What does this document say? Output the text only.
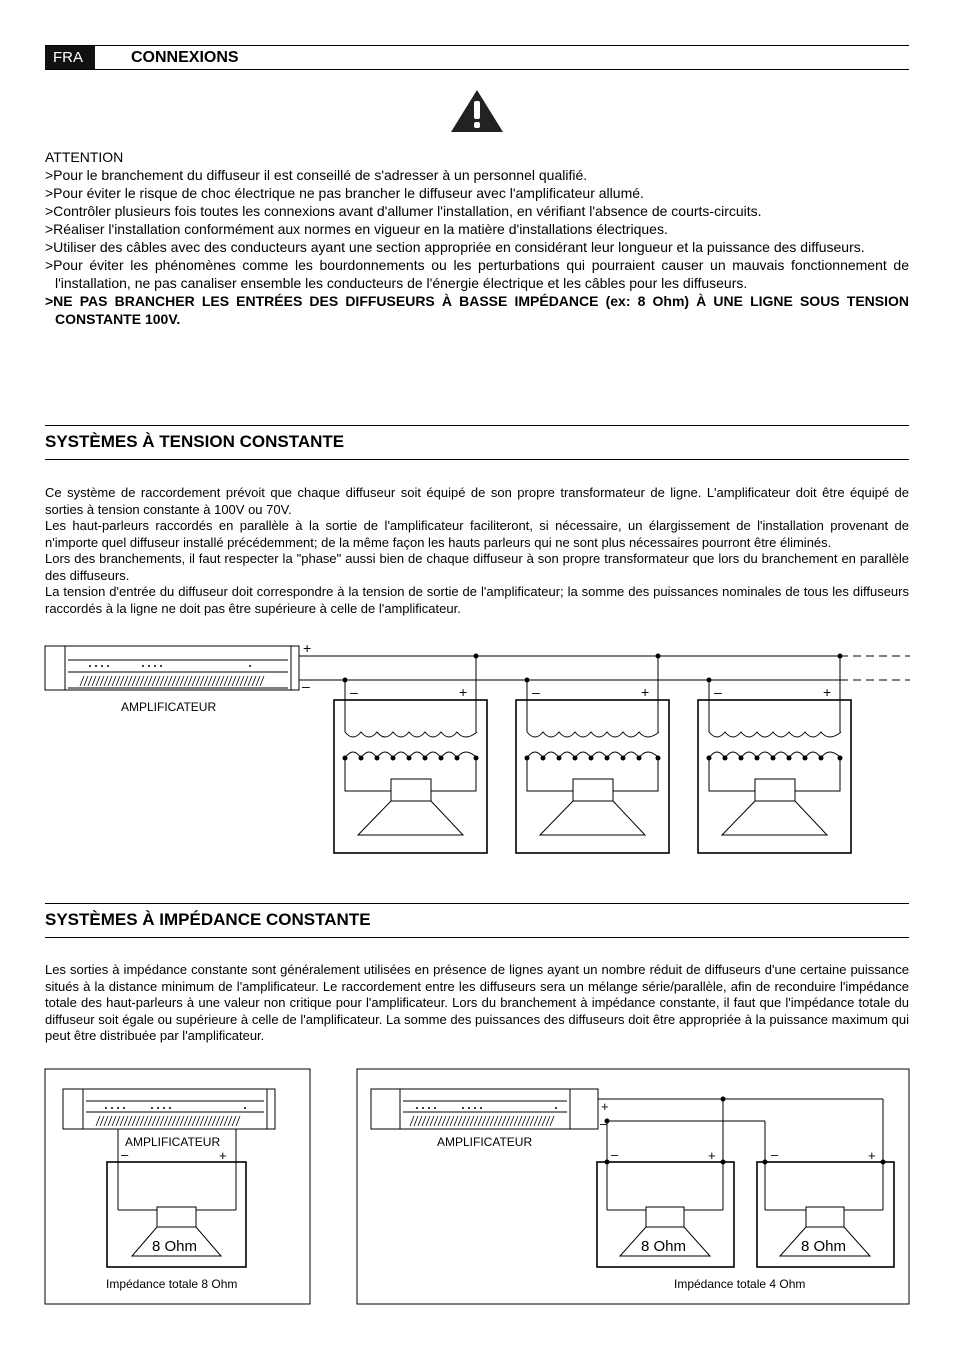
FRA	CONNEXIONS

ATTENTION

>Pour le branchement du diffuseur il est conseillé de s'adresser à un personnel qualifié.

>Pour éviter le risque de choc électrique ne pas brancher le diffuseur avec l'amplificateur allumé.

>Contrôler plusieurs fois toutes les connexions avant d'allumer l'installation, en vérifiant l'absence de courts-circuits.

>Réaliser l'installation conformément aux normes en vigueur en la matière d'installations électriques.

>Utiliser des câbles avec des conducteurs ayant une section appropriée en considérant leur longueur et la puissance des diffuseurs.

>Pour éviter les phénomènes comme les bourdonnements ou les perturbations qui pourraient causer un mauvais fonctionnement de l'installation, ne pas canaliser ensemble les conducteurs de l'énergie électrique et les câbles pour les diffuseurs.

>NE PAS BRANCHER LES ENTRÉES DES DIFFUSEURS À BASSE IMPÉDANCE (ex: 8 Ohm) À UNE LIGNE SOUS TENSION CONSTANTE 100V.

SYSTÈMES À TENSION CONSTANTE

Ce système de raccordement prévoit que chaque diffuseur soit équipé de son propre transformateur de ligne. L'amplificateur doit être équipé de sorties à tension constante à 100V ou 70V.

Les haut-parleurs raccordés en parallèle à la sortie de l'amplificateur faciliteront, si nécessaire, un élargissement de l'installation provenant de n'importe quel diffuseur installé précédemment; de la même façon les hauts parleurs qui ne sont plus nécessaires pourront être éliminés.

Lors des branchements, il faut respecter la "phase" aussi bien de chaque diffuseur à son propre transformateur que lors du branchement en parallèle des diffuseurs.

La tension d'entrée du diffuseur doit correspondre à la tension de sortie de l'amplificateur; la somme des puissances nominales de tous les diffuseurs raccordés à la ligne ne doit pas être supérieure à celle de l'amplificateur.

+
–
AMPLIFICATEUR
–	+	–	+	–	+
SYSTÈMES À IMPÉDANCE CONSTANTE

Les sorties à impédance constante sont généralement utilisées en présence de lignes ayant un nombre réduit de diffuseurs d'une certaine puissance situés à la distance minimum de l'amplificateur. Le raccordement entre les diffuseurs sera un mélange série/parallèle, afin de reconduire l'impédance totale des haut-parleurs à une valeur non critique pour l'amplificateur. Lors du branchement à impédance constante, il faut que l'impédance totale du diffuseur soit égale ou supérieure à celle de l'amplificateur. La somme des puissances des diffuseurs doit être appropriée à la puissance maximum qui peut être distribuée par l'amplificateur.

AMPLIFICATEUR
–	+
8 Ohm
Impédance totale 8 Ohm
+
–
AMPLIFICATEUR
–	+	–	+
8 Ohm	8 Ohm
Impédance totale 4 Ohm
